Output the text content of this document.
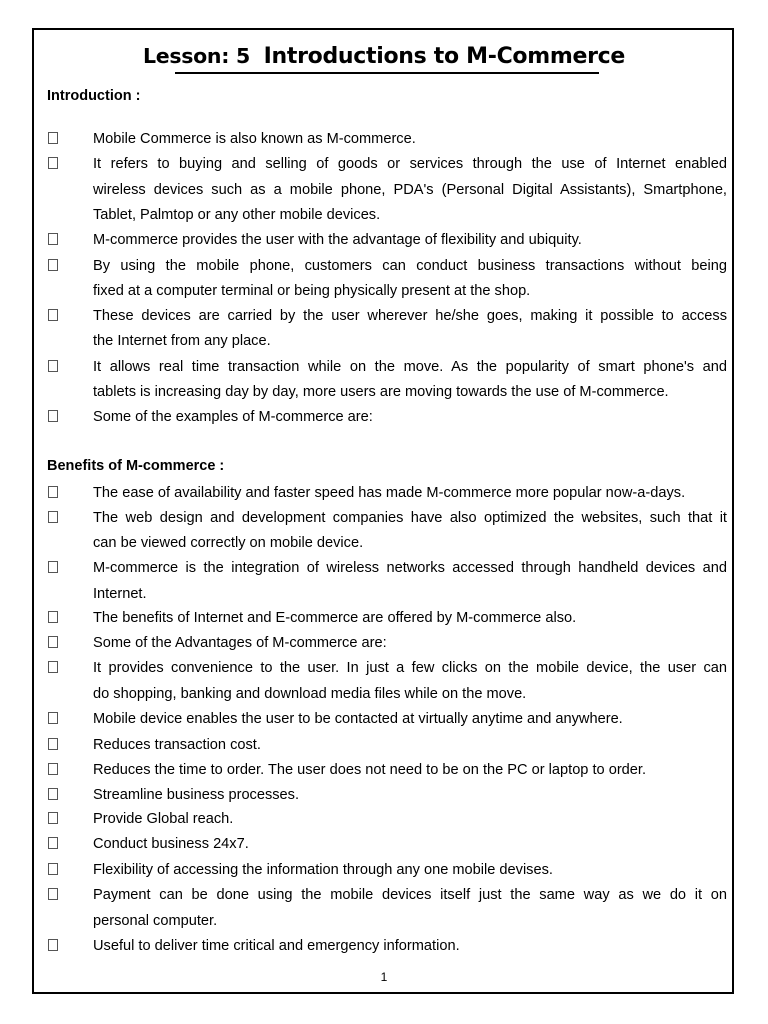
Lesson: 5 Introductions to M-Commerce
Introduction :
Mobile Commerce is also known as M-commerce.
It refers to buying and selling of goods or services through the use of Internet enabled
wireless devices such as a mobile phone, PDA's (Personal Digital Assistants), Smartphone,
Tablet, Palmtop or any other mobile devices.
M-commerce provides the user with the advantage of flexibility and ubiquity.
By using the mobile phone, customers can conduct business transactions without being
fixed at a computer terminal or being physically present at the shop.
These devices are carried by the user wherever he/she goes, making it possible to access
the Internet from any place.
It allows real time transaction while on the move. As the popularity of smart phone's and
tablets is increasing day by day, more users are moving towards the use of M-commerce.
Some of the examples of M-commerce are:
Benefits of M-commerce :
The ease of availability and faster speed has made M-commerce more popular now-a-days.
The web design and development companies have also optimized the websites, such that it
can be viewed correctly on mobile device.
M-commerce is the integration of wireless networks accessed through handheld devices and
Internet.
The benefits of Internet and E-commerce are offered by M-commerce also.
Some of the Advantages of M-commerce are:
It provides convenience to the user. In just a few clicks on the mobile device, the user can
do shopping, banking and download media files while on the move.
Mobile device enables the user to be contacted at virtually anytime and anywhere.
Reduces transaction cost.
Reduces the time to order. The user does not need to be on the PC or laptop to order.
Streamline business processes.
Provide Global reach.
Conduct business 24x7.
Flexibility of accessing the information through any one mobile devises.
Payment can be done using the mobile devices itself just the same way as we do it on
personal computer.
Useful to deliver time critical and emergency information.
1
